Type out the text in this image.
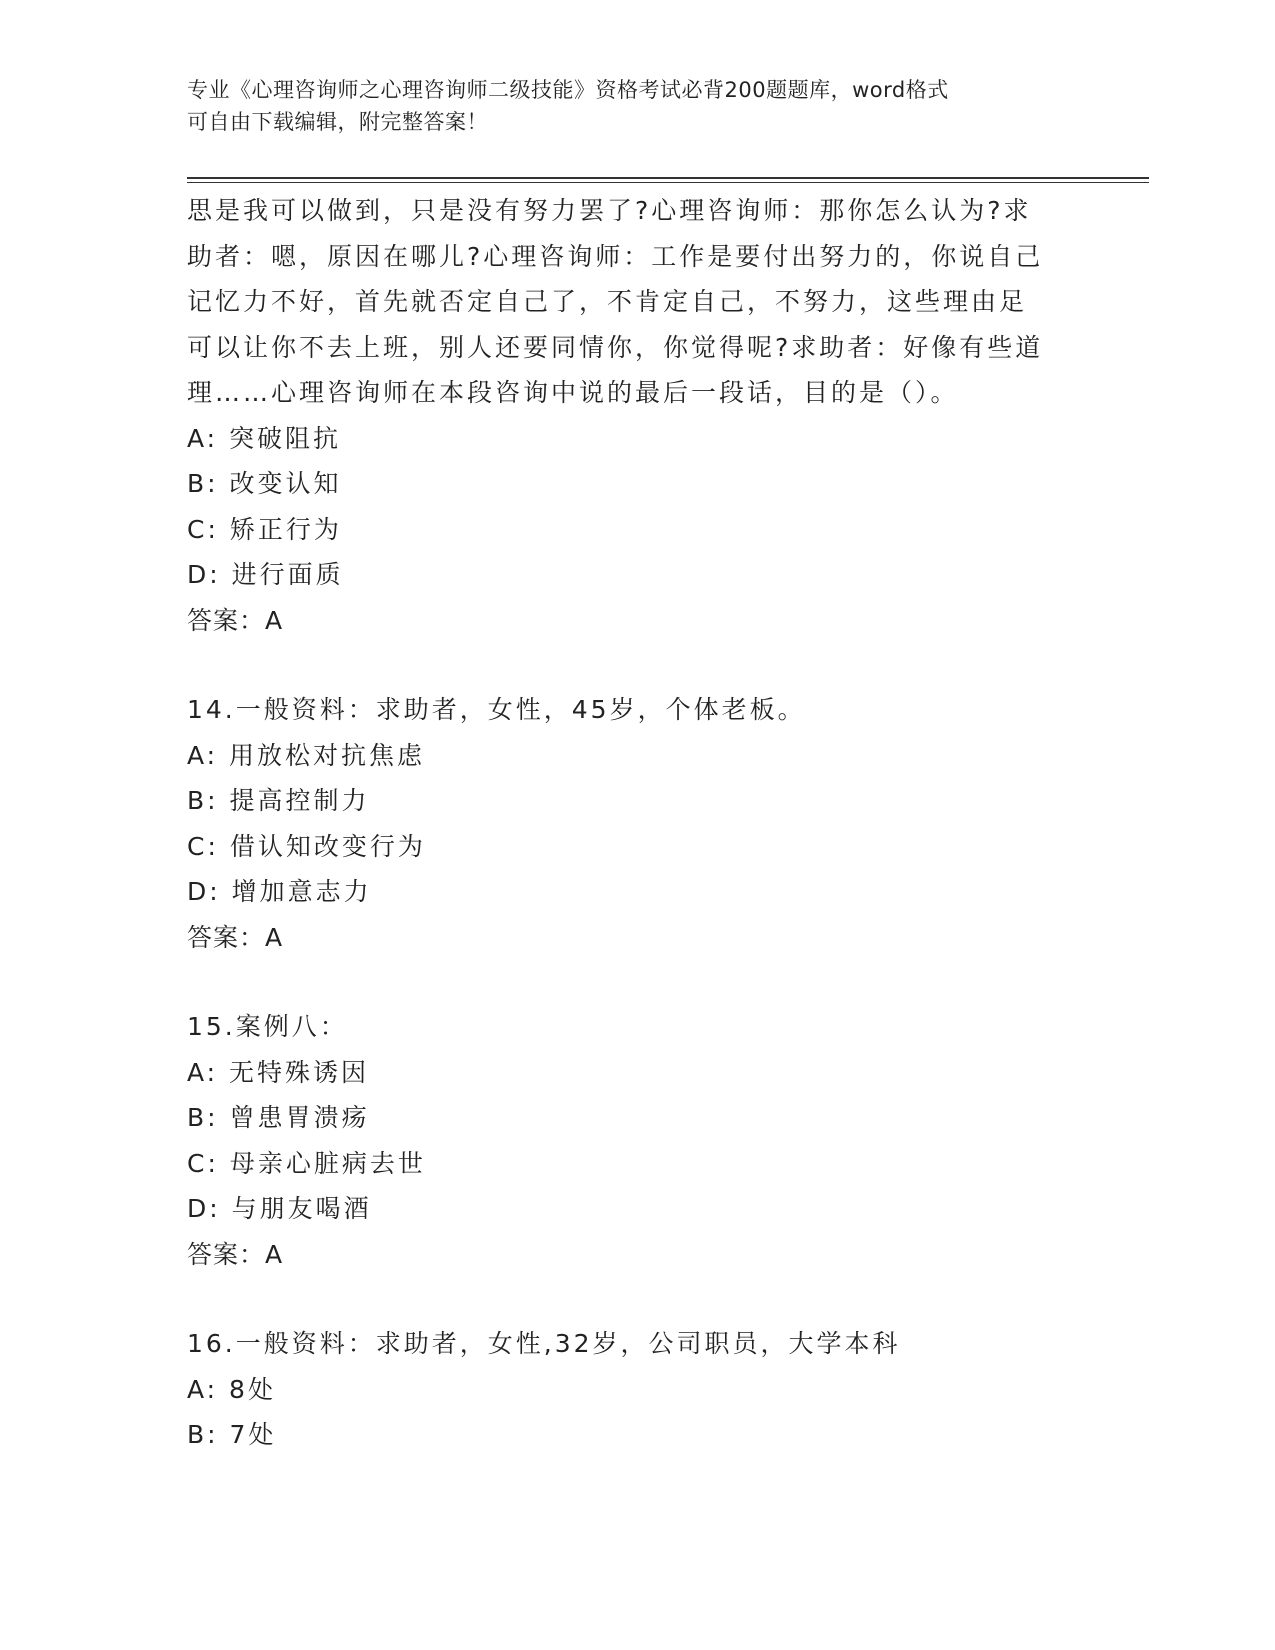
专业《心理咨询师之心理咨询师二级技能》资格考试必背200题题库，word格式
可自由下载编辑，附完整答案！
思是我可以做到，只是没有努力罢了?心理咨询师：那你怎么认为?求
助者：嗯，原因在哪儿?心理咨询师：工作是要付出努力的，你说自己
记忆力不好，首先就否定自己了，不肯定自己，不努力，这些理由足
可以让你不去上班，别人还要同情你，你觉得呢?求助者：好像有些道
理……心理咨询师在本段咨询中说的最后一段话，目的是（）。
A: 突破阻抗
B: 改变认知
C: 矫正行为
D: 进行面质
答案：A
14.一般资料：求助者，女性，45岁，个体老板。
A: 用放松对抗焦虑
B: 提高控制力
C: 借认知改变行为
D: 增加意志力
答案：A
15.案例八：
A: 无特殊诱因
B: 曾患胃溃疡
C: 母亲心脏病去世
D: 与朋友喝酒
答案：A
16.一般资料：求助者，女性,32岁，公司职员，大学本科
A: 8处
B: 7处
